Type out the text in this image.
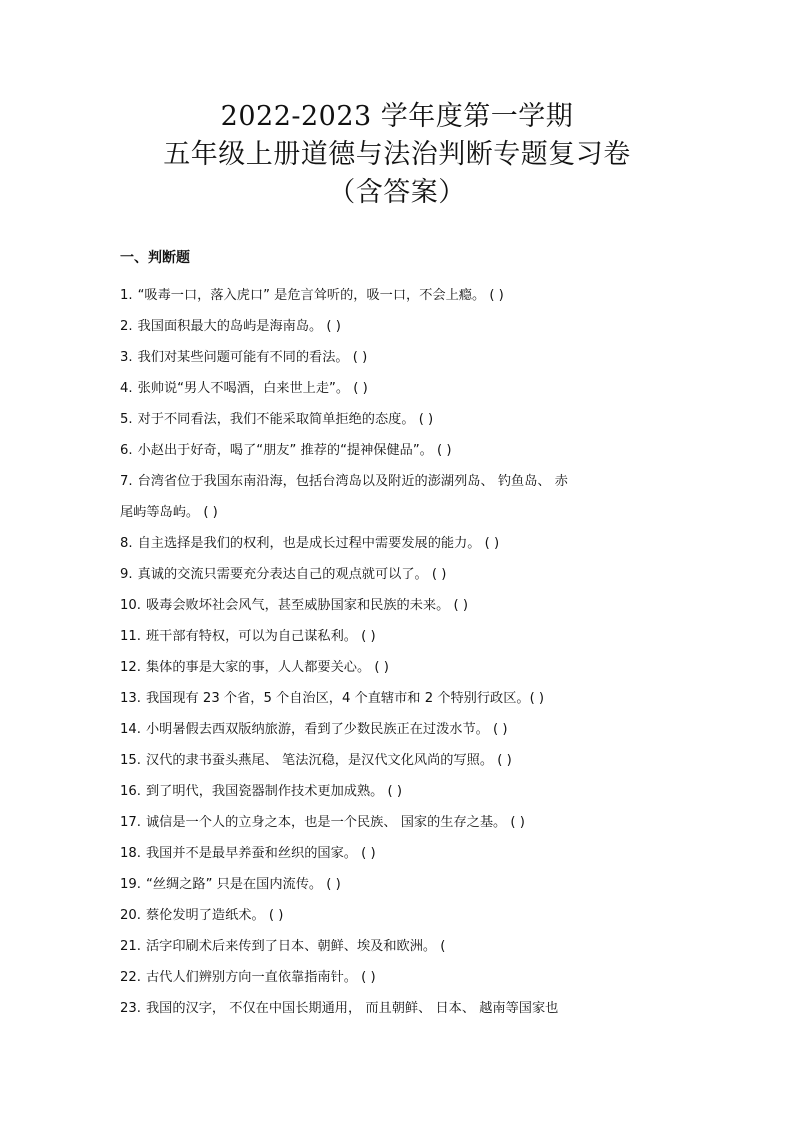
2022-2023 学年度第一学期
五年级上册道德与法治判断专题复习卷
（含答案）
一、判断题
1. “吸毒一口，落入虎口” 是危言耸听的，吸一口，不会上瘾。 ( )
2. 我国面积最大的岛屿是海南岛。 ( )
3. 我们对某些问题可能有不同的看法。 ( )
4. 张帅说“男人不喝酒，白来世上走”。 ( )
5. 对于不同看法，我们不能采取简单拒绝的态度。 ( )
6. 小赵出于好奇，喝了“朋友” 推荐的“提神保健品”。 ( )
7. 台湾省位于我国东南沿海，包括台湾岛以及附近的澎湖列岛、 钓鱼岛、 赤
尾屿等岛屿。 ( )
8. 自主选择是我们的权利，也是成长过程中需要发展的能力。 ( )
9. 真诚的交流只需要充分表达自己的观点就可以了。 ( )
10. 吸毒会败坏社会风气，甚至威胁国家和民族的未来。 ( )
11. 班干部有特权，可以为自己谋私利。 ( )
12. 集体的事是大家的事，人人都要关心。 ( )
13. 我国现有 23 个省，5 个自治区，4 个直辖市和 2 个特别行政区。( )
14. 小明暑假去西双版纳旅游，看到了少数民族正在过泼水节。 ( )
15. 汉代的隶书蚕头燕尾、 笔法沉稳，是汉代文化风尚的写照。 ( )
16. 到了明代，我国瓷器制作技术更加成熟。 ( )
17. 诚信是一个人的立身之本，也是一个民族、 国家的生存之基。 ( )
18. 我国并不是最早养蚕和丝织的国家。 ( )
19. “丝绸之路” 只是在国内流传。 ( )
20. 蔡伦发明了造纸术。 ( )
21. 活字印刷术后来传到了日本、朝鲜、埃及和欧洲。 (
22. 古代人们辨别方向一直依靠指南针。 ( )
23. 我国的汉字， 不仅在中国长期通用， 而且朝鲜、 日本、 越南等国家也
